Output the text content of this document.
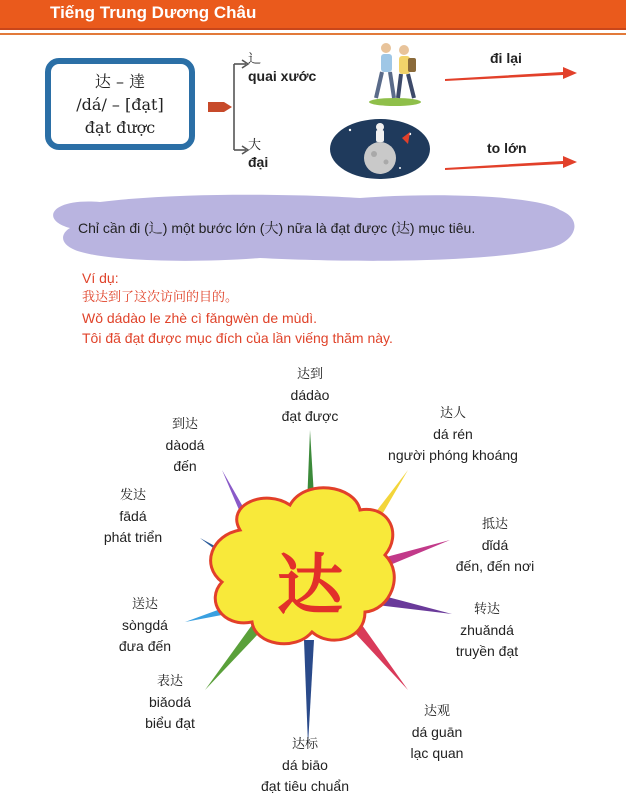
Tiếng Trung Dương Châu
达 – 達
/dá/ – [đạt]
đạt được
辶
quai xước
大
đại
đi lại
to lớn
Chỉ cần đi (辶) một bước lớn (大) nữa là đạt được (达) mục tiêu.
Ví dụ:
我达到了这次访问的目的。
Wǒ dádào le zhè cì fǎngwèn de mùdì.
Tôi đã đạt được mục đích của lần viếng thăm này.
达
达到
dádào
đạt được	达人
dá rén
người phóng khoáng
抵达
dǐdá
đến, đến nơi
转达
zhuǎndá
truyền đạt
达观
dá guān
lạc quan
达标
dá biāo
đạt tiêu chuẩn
表达
biǎodá
biểu đạt
送达
sòngdá
đưa đến
发达
fādá
phát triển
到达
dàodá
đến
